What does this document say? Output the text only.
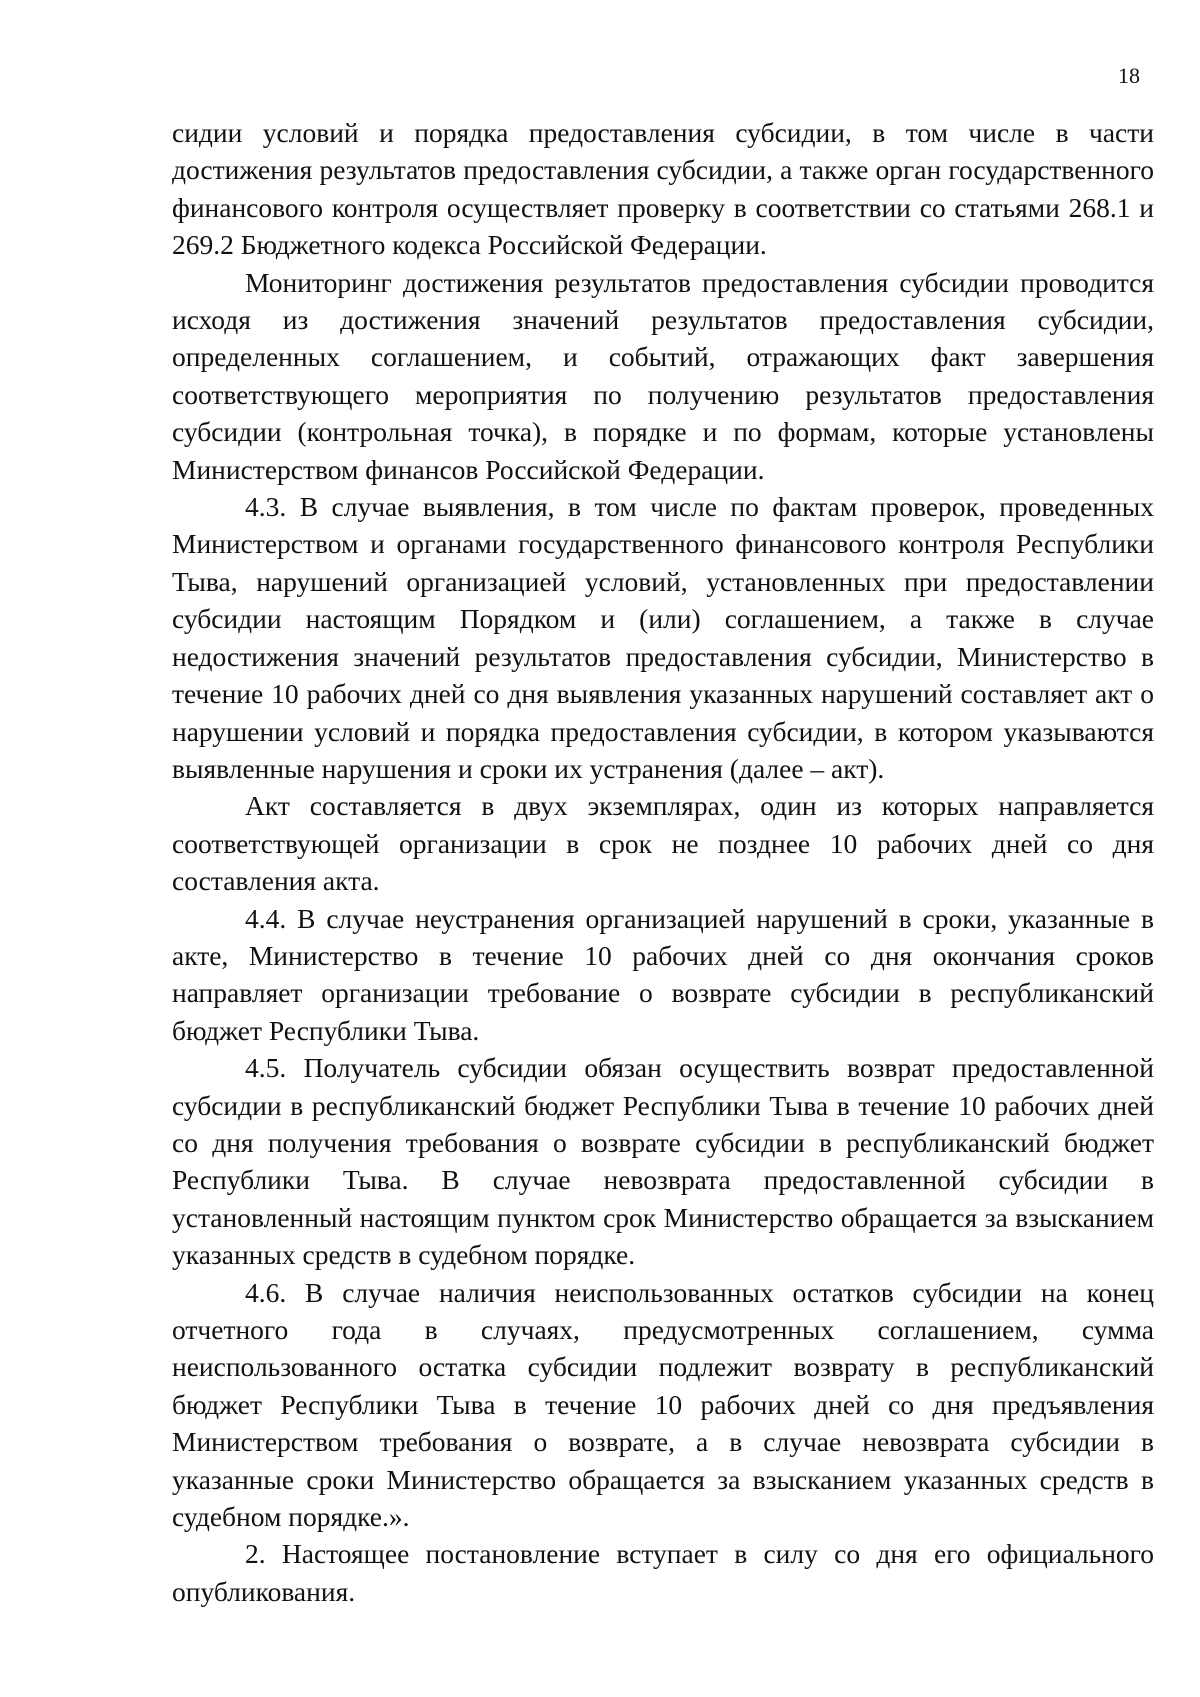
18

сидии условий и порядка предоставления субсидии, в том числе в части достижения результатов предоставления субсидии, а также орган государственного финансового контроля осуществляет проверку в соответствии со статьями 268.1 и 269.2 Бюджетного кодекса Российской Федерации.

Мониторинг достижения результатов предоставления субсидии проводится исходя из достижения значений результатов предоставления субсидии, определенных соглашением, и событий, отражающих факт завершения соответствующего мероприятия по получению результатов предоставления субсидии (контрольная точка), в порядке и по формам, которые установлены Министерством финансов Российской Федерации.

4.3. В случае выявления, в том числе по фактам проверок, проведенных Министерством и органами государственного финансового контроля Республики Тыва, нарушений организацией условий, установленных при предоставлении субсидии настоящим Порядком и (или) соглашением, а также в случае недостижения значений результатов предоставления субсидии, Министерство в течение 10 рабочих дней со дня выявления указанных нарушений составляет акт о нарушении условий и порядка предоставления субсидии, в котором указываются выявленные нарушения и сроки их устранения (далее – акт).

Акт составляется в двух экземплярах, один из которых направляется соответствующей организации в срок не позднее 10 рабочих дней со дня составления акта.

4.4. В случае неустранения организацией нарушений в сроки, указанные в акте, Министерство в течение 10 рабочих дней со дня окончания сроков направляет организации требование о возврате субсидии в республиканский бюджет Республики Тыва.

4.5. Получатель субсидии обязан осуществить возврат предоставленной субсидии в республиканский бюджет Республики Тыва в течение 10 рабочих дней со дня получения требования о возврате субсидии в республиканский бюджет Республики Тыва. В случае невозврата предоставленной субсидии в установленный настоящим пунктом срок Министерство обращается за взысканием указанных средств в судебном порядке.

4.6. В случае наличия неиспользованных остатков субсидии на конец отчетного года в случаях, предусмотренных соглашением, сумма неиспользованного остатка субсидии подлежит возврату в республиканский бюджет Республики Тыва в течение 10 рабочих дней со дня предъявления Министерством требования о возврате, а в случае невозврата субсидии в указанные сроки Министерство обращается за взысканием указанных средств в судебном порядке.».

2. Настоящее постановление вступает в силу со дня его официального опубликования.
